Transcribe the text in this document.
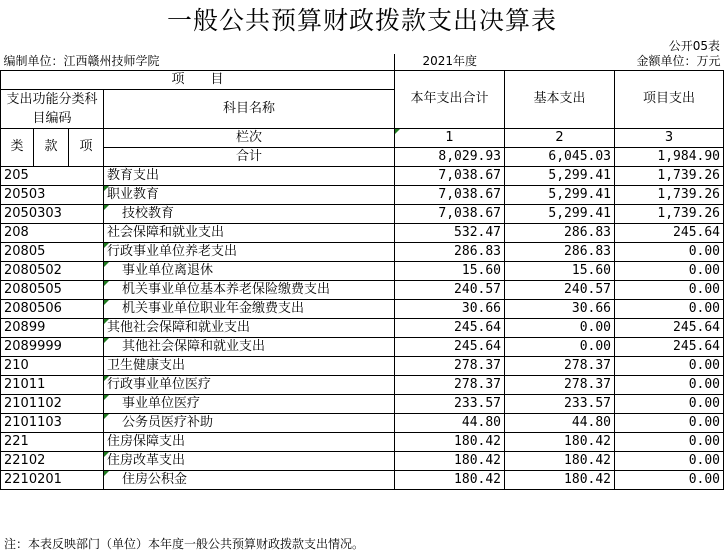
一般公共预算财政拨款支出决算表
公开05表
编制单位：江西赣州技师学院				2021年度		金额单位：万元
项　　目				本年支出合计	基本支出	项目支出
支出功能分类科目编码			科目名称			

类	款	项				
			栏次	1	2	3
			合计	8,029.93	6,045.03	1,984.90
205			教育支出	7,038.67	5,299.41	1,739.26
20503			职业教育	7,038.67	5,299.41	1,739.26
2050303			技校教育	7,038.67	5,299.41	1,739.26
208			社会保障和就业支出	532.47	286.83	245.64
20805			行政事业单位养老支出	286.83	286.83	0.00
2080502			事业单位离退休	15.60	15.60	0.00
2080505			机关事业单位基本养老保险缴费支出	240.57	240.57	0.00
2080506			机关事业单位职业年金缴费支出	30.66	30.66	0.00
20899			其他社会保障和就业支出	245.64	0.00	245.64
2089999			其他社会保障和就业支出	245.64	0.00	245.64
210			卫生健康支出	278.37	278.37	0.00
21011			行政事业单位医疗	278.37	278.37	0.00
2101102			事业单位医疗	233.57	233.57	0.00
2101103			公务员医疗补助	44.80	44.80	0.00
221			住房保障支出	180.42	180.42	0.00
22102			住房改革支出	180.42	180.42	0.00
2210201			住房公积金	180.42	180.42	0.00
注：本表反映部门（单位）本年度一般公共预算财政拨款支出情况。
